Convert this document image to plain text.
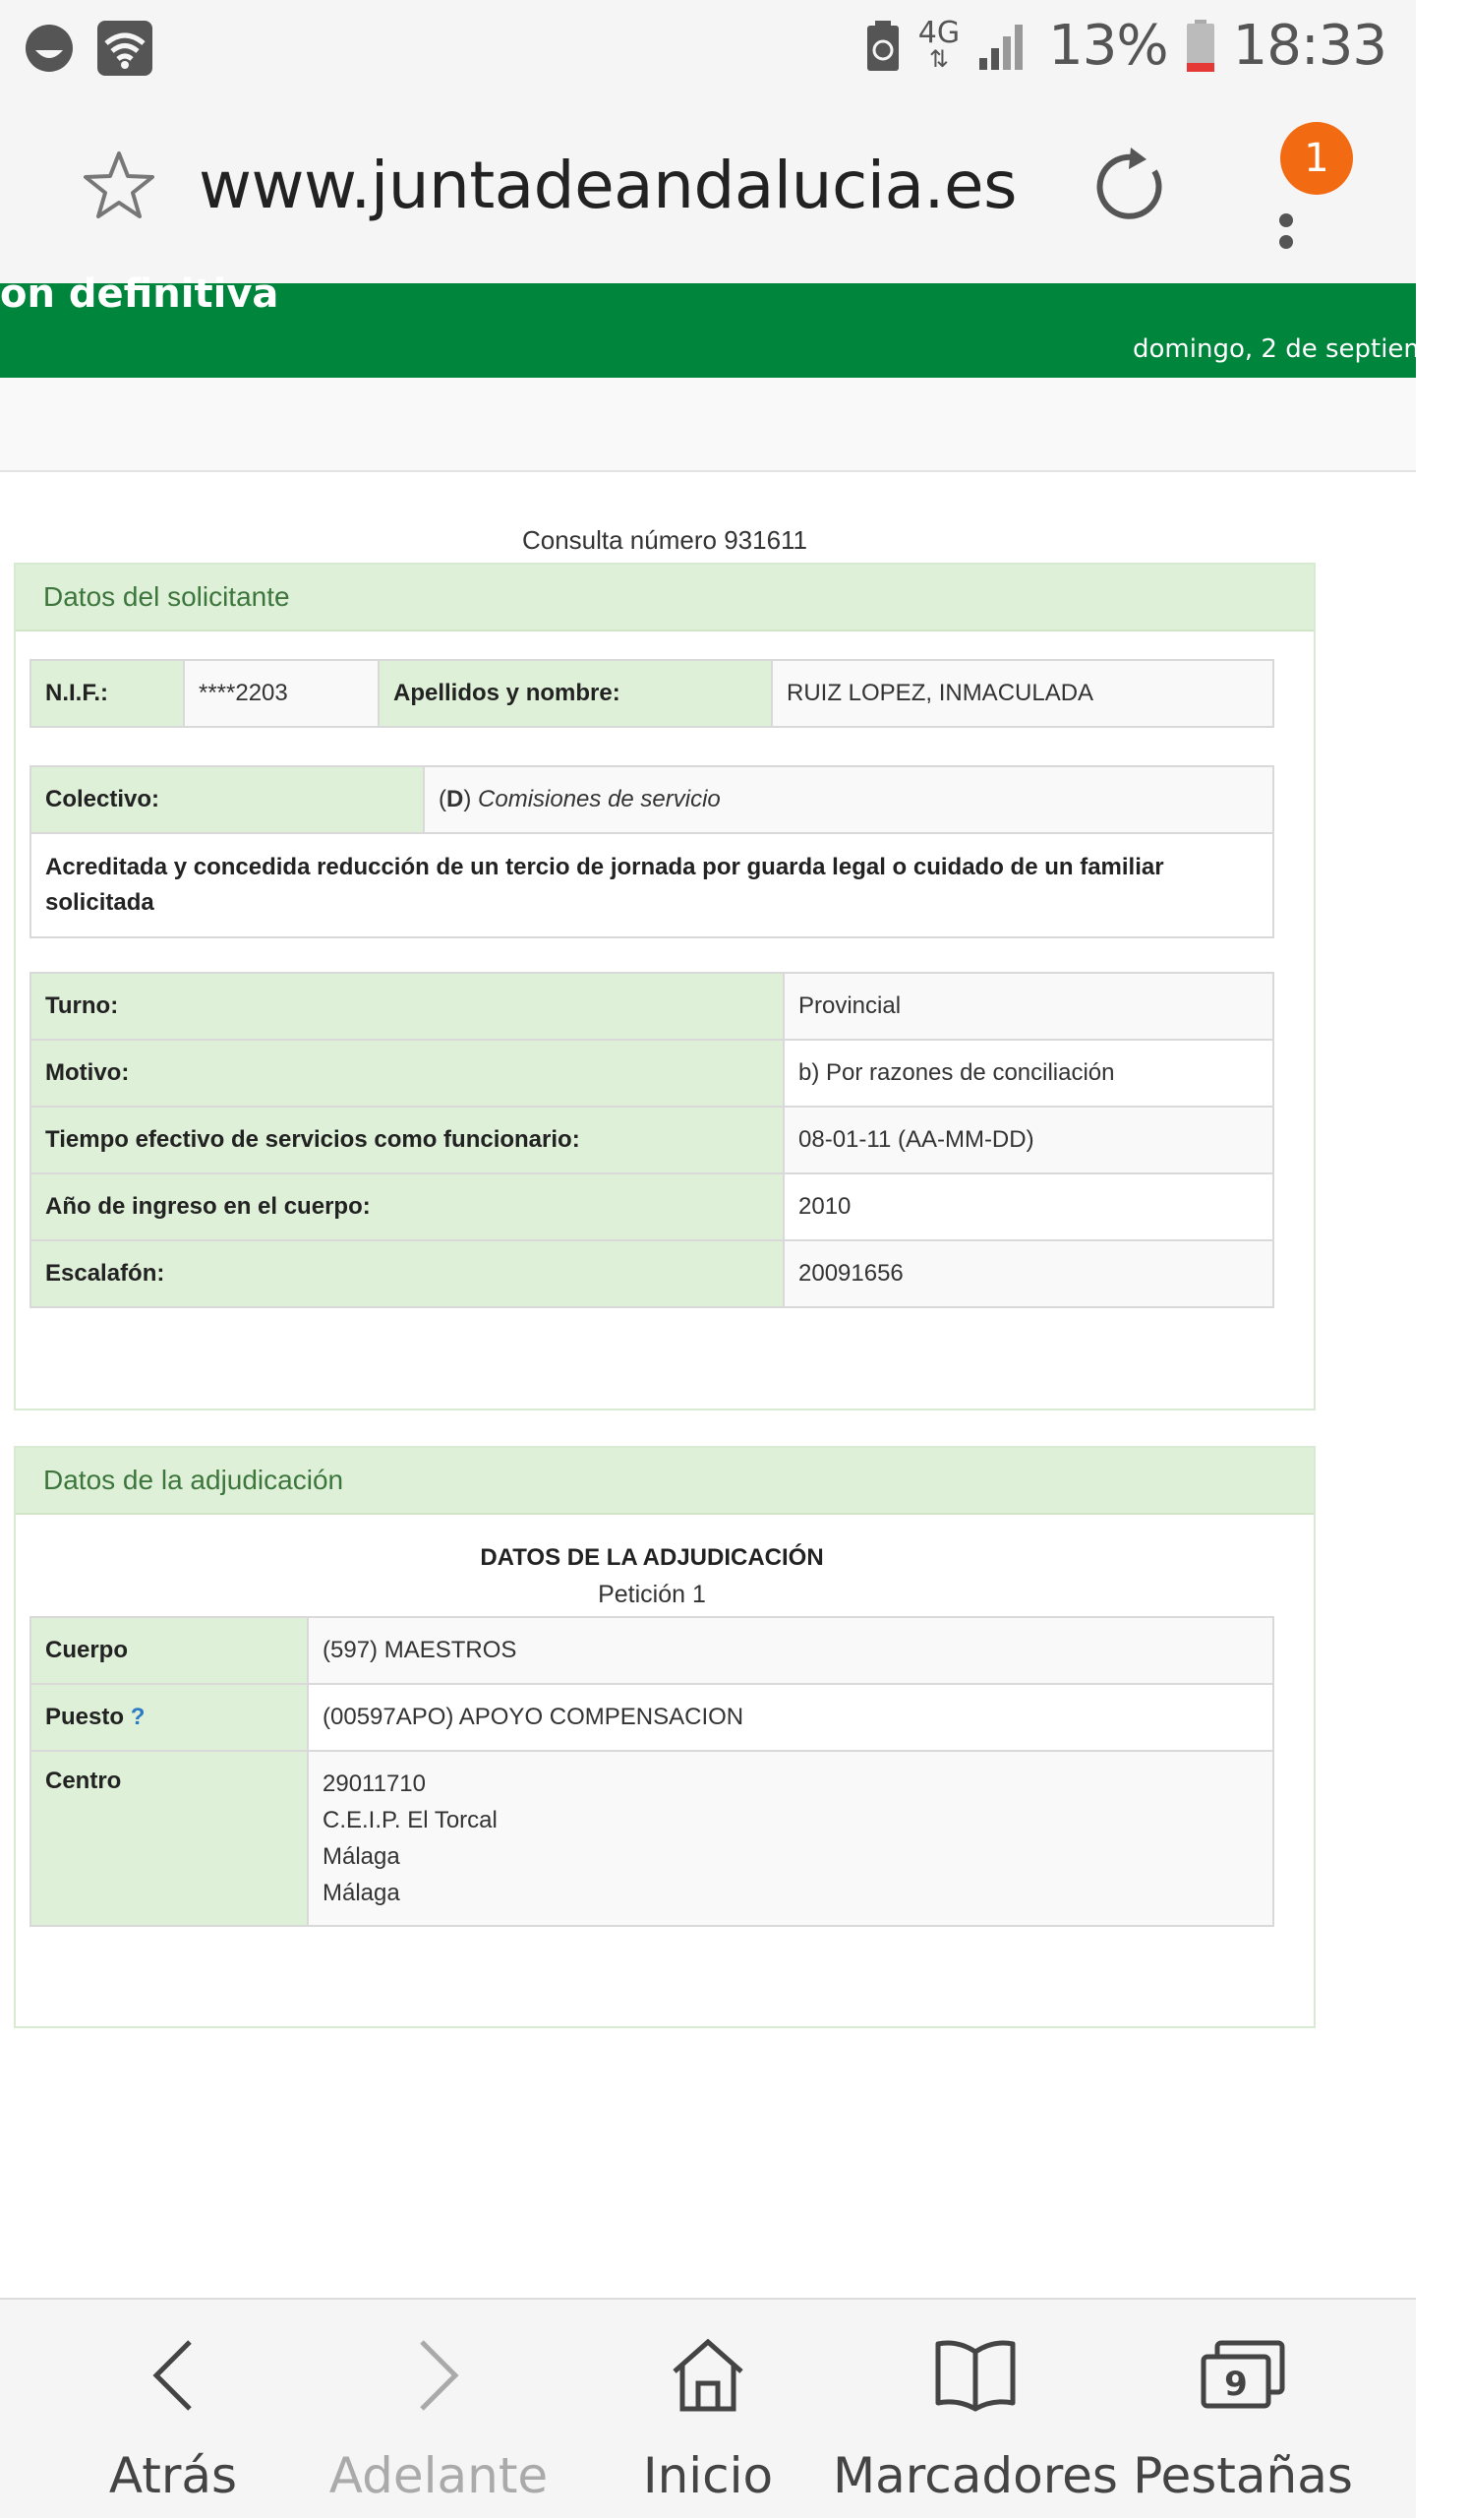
4G
⇅ 13% 18:33
www.juntadeandalucia.es	1
on definitiva
domingo, 2 de septiembre
Consulta número 931611
Datos del solicitante
N.I.F.:	****2203	Apellidos y nombre:	RUIZ LOPEZ, INMACULADA
Colectivo:	(D) Comisiones de servicio
Acreditada y concedida reducción de un tercio de jornada por guarda legal o cuidado de un familiar solicitada
Turno:	Provincial
Motivo:	b) Por razones de conciliación
Tiempo efectivo de servicios como funcionario:	08-01-11 (AA-MM-DD)
Año de ingreso en el cuerpo:	2010
Escalafón:	20091656
Datos de la adjudicación
DATOS DE LA ADJUDICACIÓN
Petición 1
Cuerpo	(597) MAESTROS
Puesto ?	(00597APO) APOYO COMPENSACION
Centro	29011710
C.E.I.P. El Torcal
Málaga
Málaga
Atrás	Adelante	Inicio	Marcadores
9
Pestañas
